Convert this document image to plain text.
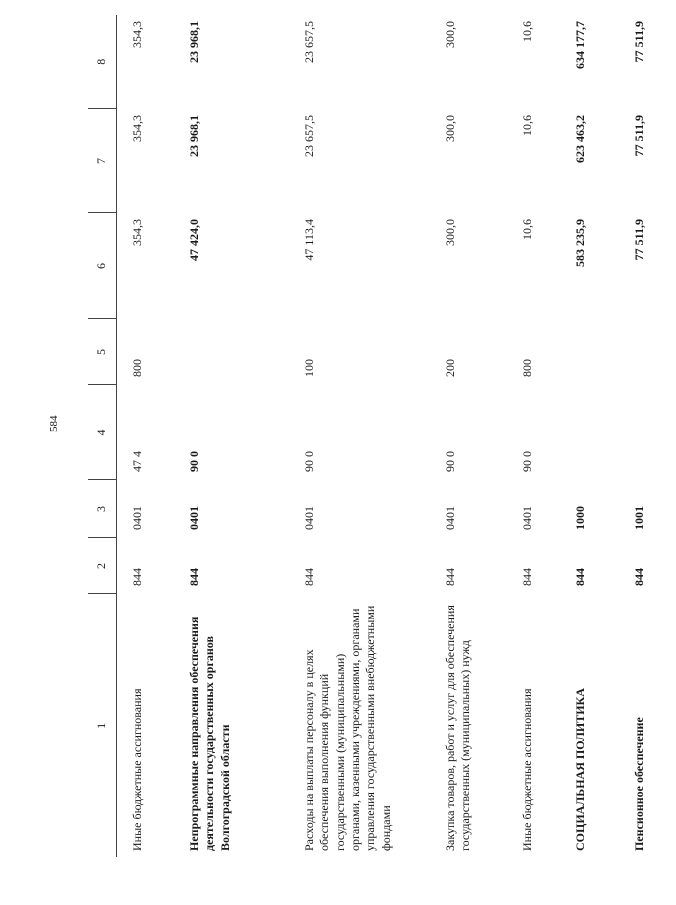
584
1	2	3	4	5	6	7	8
Иные бюджетные ассигнования	844	0401	47 4	800	354,3	354,3	354,3
Непрограммные направления обеспечения деятельности государственных органов Волгоградской области	844	0401	90 0		47 424,0	23 968,1	23 968,1
Расходы на выплаты персоналу в целях обеспечения выполнения функций государственными (муниципальными) органами, казенными учреждениями, органами управления государственными внебюджетными фондами	844	0401	90 0	100	47 113,4	23 657,5	23 657,5
Закупка товаров, работ и услуг для обеспечения государственных (муниципальных) нужд	844	0401	90 0	200	300,0	300,0	300,0
Иные бюджетные ассигнования	844	0401	90 0	800	10,6	10,6	10,6
СОЦИАЛЬНАЯ ПОЛИТИКА	844	1000			583 235,9	623 463,2	634 177,7
Пенсионное обеспечение	844	1001			77 511,9	77 511,9	77 511,9
